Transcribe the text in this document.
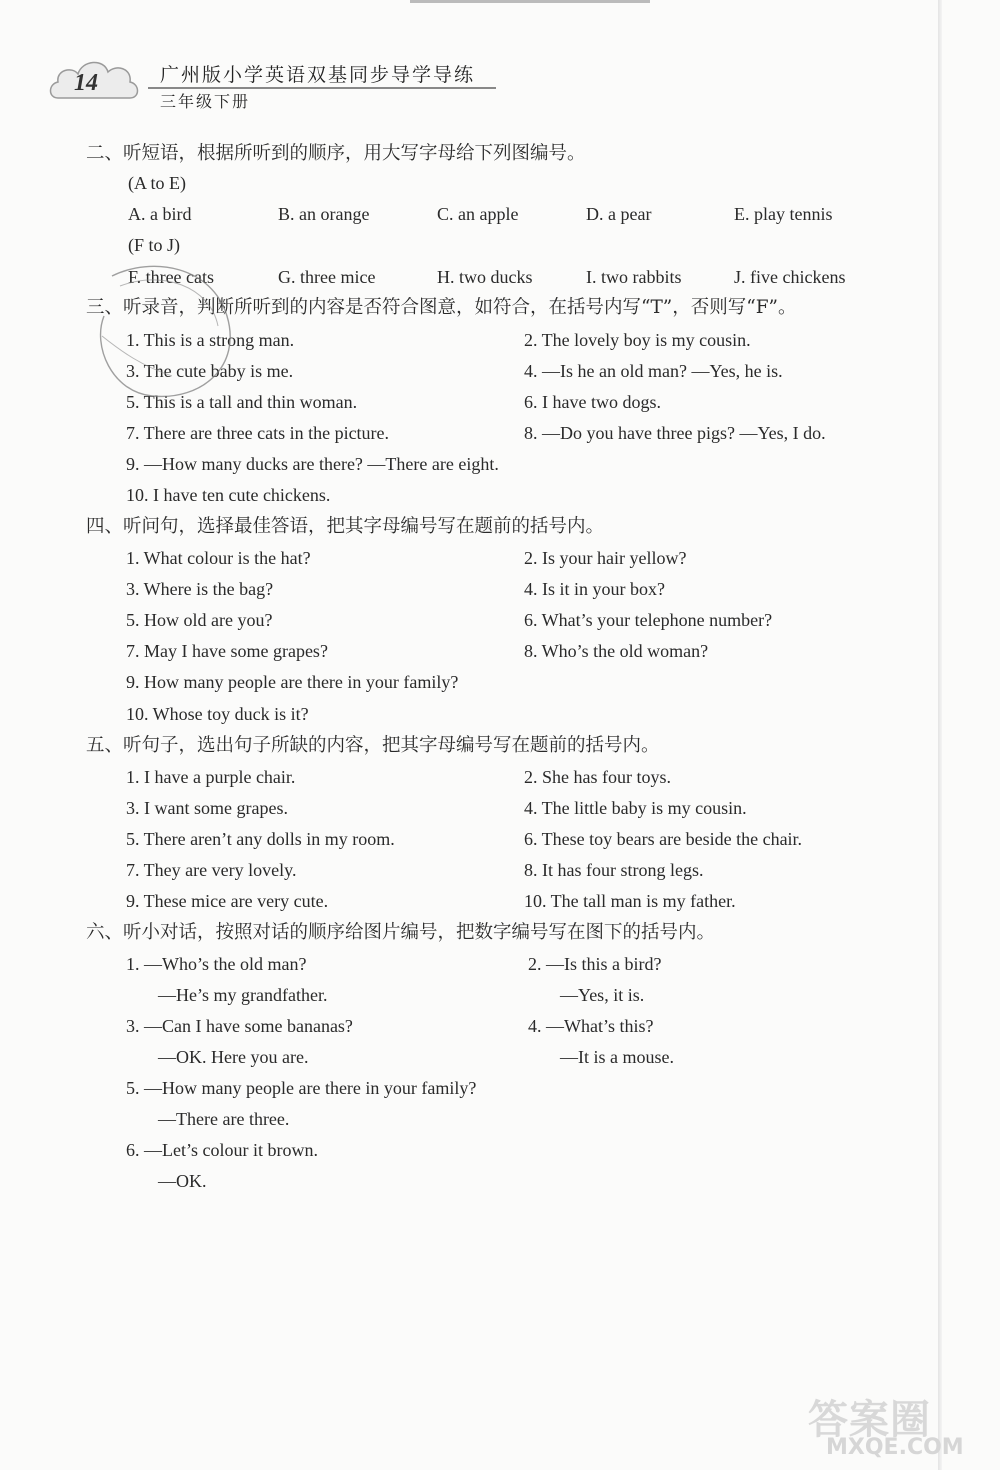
14	广州版小学英语双基同步导学导练
三年级下册
二、听短语，根据所听到的顺序，用大写字母给下列图编号。
(A to E)
A. a bird	B. an orange	C. an apple	D. a pear	E. play tennis
(F to J)
F. three cats	G. three mice	H. two ducks	I. two rabbits	J. five chickens
三、听录音，判断所听到的内容是否符合图意，如符合，在括号内写“T”，否则写“F”。
1. This is a strong man.	2. The lovely boy is my cousin.
3. The cute baby is me.	4. —Is he an old man? —Yes, he is.
5. This is a tall and thin woman.	6. I have two dogs.
7. There are three cats in the picture.	8. —Do you have three pigs? —Yes, I do.
9. —How many ducks are there? —There are eight.
10. I have ten cute chickens.
四、听问句，选择最佳答语，把其字母编号写在题前的括号内。
1. What colour is the hat?	2. Is your hair yellow?
3. Where is the bag?	4. Is it in your box?
5. How old are you?	6. What’s your telephone number?
7. May I have some grapes?	8. Who’s the old woman?
9. How many people are there in your family?
10. Whose toy duck is it?
五、听句子，选出句子所缺的内容，把其字母编号写在题前的括号内。
1. I have a purple chair.	2. She has four toys.
3. I want some grapes.	4. The little baby is my cousin.
5. There aren’t any dolls in my room.	6. These toy bears are beside the chair.
7. They are very lovely.	8. It has four strong legs.
9. These mice are very cute.	10. The tall man is my father.
六、听小对话，按照对话的顺序给图片编号，把数字编号写在图下的括号内。
1. —Who’s the old man?
—He’s my grandfather.
2. —Is this a bird?
—Yes, it is.
3. —Can I have some bananas?
—OK. Here you are.
4. —What’s this?
—It is a mouse.
5. —How many people are there in your family?
—There are three.
6. —Let’s colour it brown.
—OK.
答案圈
MXQE.COM
